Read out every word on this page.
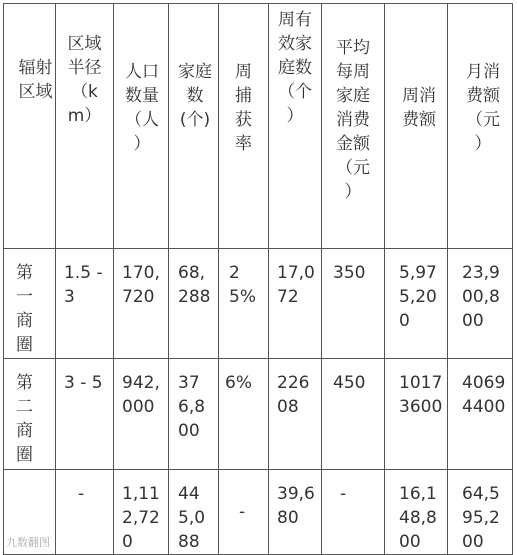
辐射区域	区域半径（km）	人口数量（人）	家庭数(个)	周捕获率	周有效家庭数（个）	平均每周家庭消费金额（元）	周消费额	月消费额（元）

第一商圈	1.5 - 3	170,720	68,288	25%	17,072	350	5,975,200	23,900,800

第二商圈	3 - 5	942,000	376,800	6%	22608	450	10173600	40694400

	-	1,112,720	445,088	-	39,680	-	16,148,800	64,595,200
九数翻图
